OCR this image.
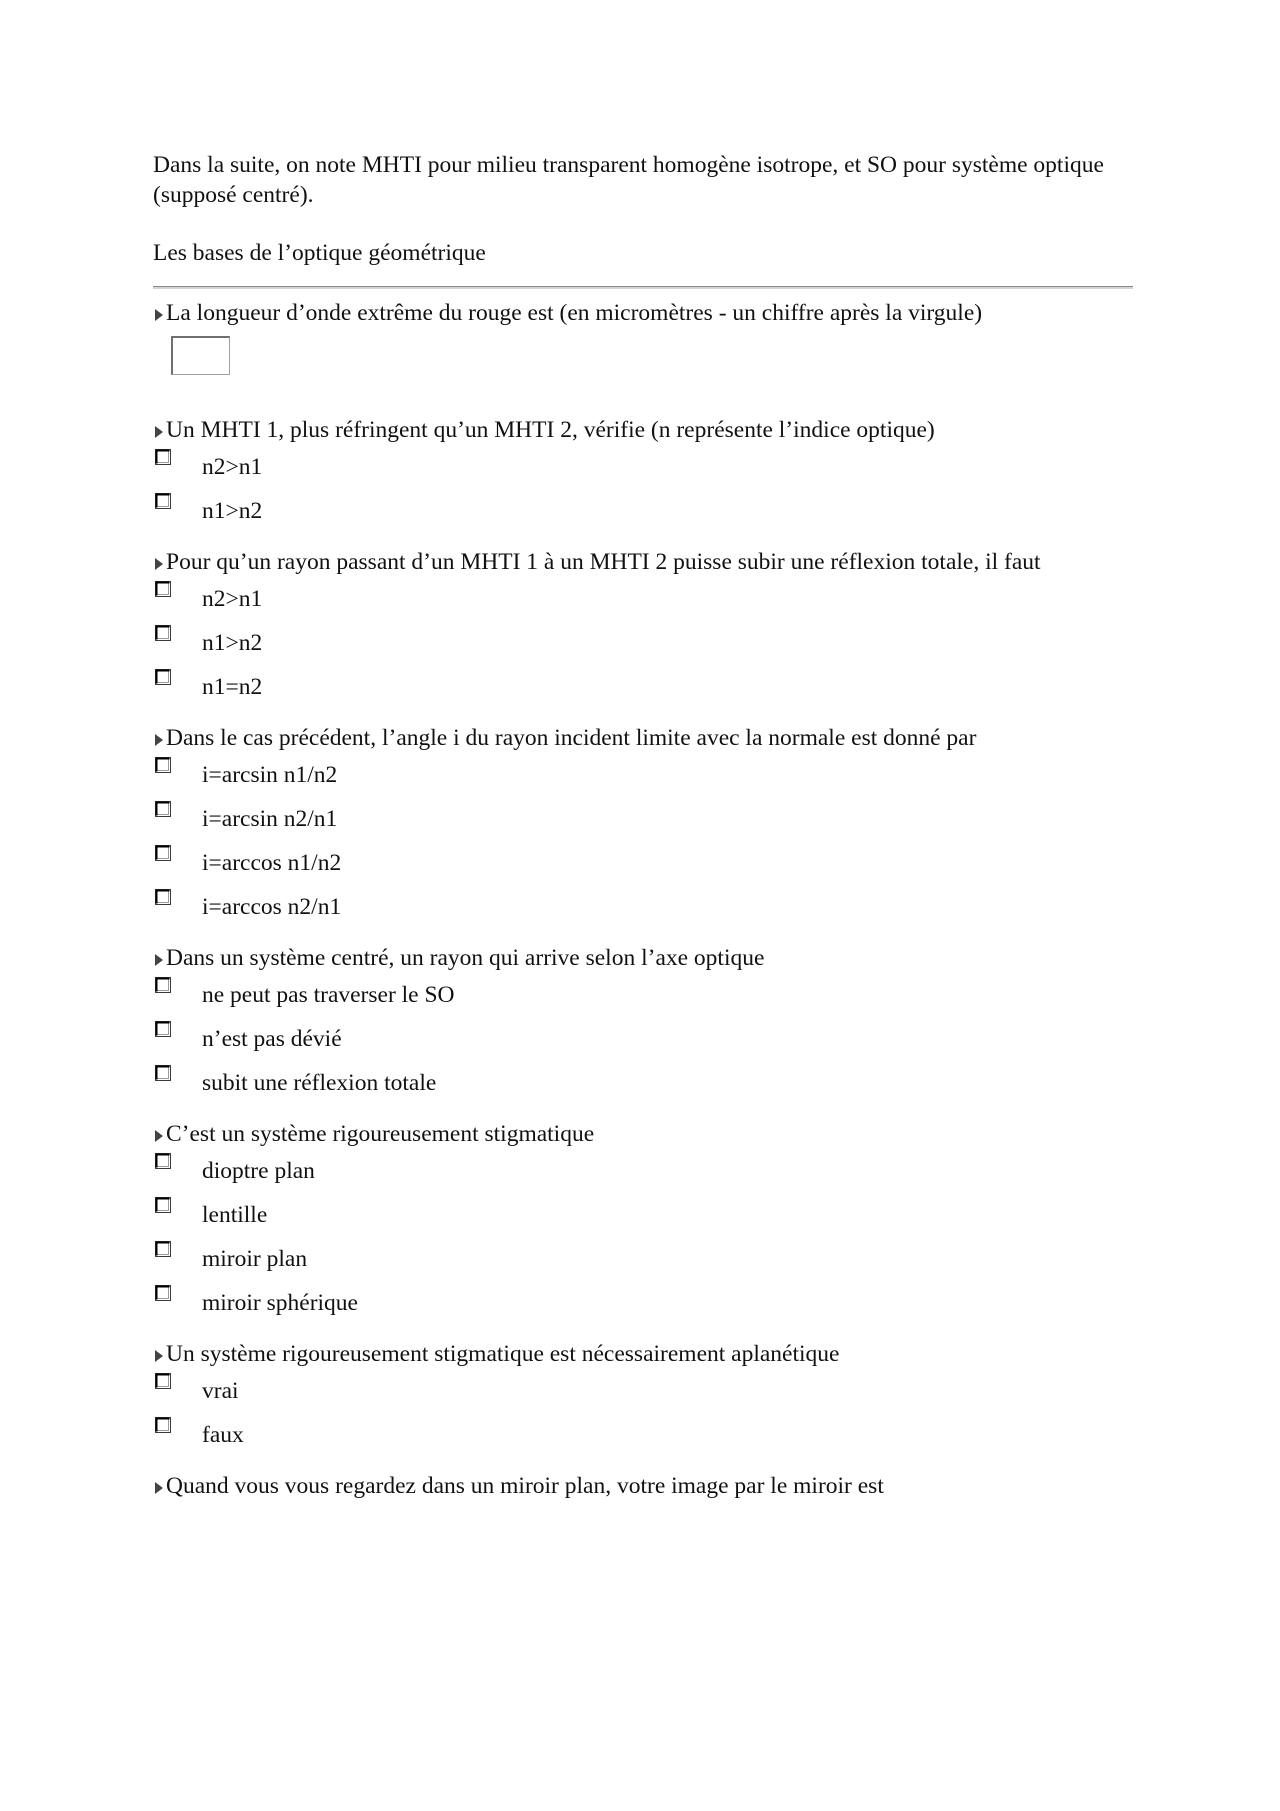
Dans la suite, on note MHTI pour milieu transparent homogène isotrope, et SO pour système optique (supposé centré).

Les bases de l’optique géométrique

La longueur d’onde extrême du rouge est (en micromètres - un chiffre après la virgule)
Un MHTI 1, plus réfringent qu’un MHTI 2, vérifie (n représente l’indice optique)
n2>n1
n1>n2
Pour qu’un rayon passant d’un MHTI 1 à un MHTI 2 puisse subir une réflexion totale, il faut
n2>n1
n1>n2
n1=n2
Dans le cas précédent, l’angle i du rayon incident limite avec la normale est donné par
i=arcsin n1/n2
i=arcsin n2/n1
i=arccos n1/n2
i=arccos n2/n1
Dans un système centré, un rayon qui arrive selon l’axe optique
ne peut pas traverser le SO
n’est pas dévié
subit une réflexion totale
C’est un système rigoureusement stigmatique
dioptre plan
lentille
miroir plan
miroir sphérique
Un système rigoureusement stigmatique est nécessairement aplanétique
vrai
faux
Quand vous vous regardez dans un miroir plan, votre image par le miroir est
